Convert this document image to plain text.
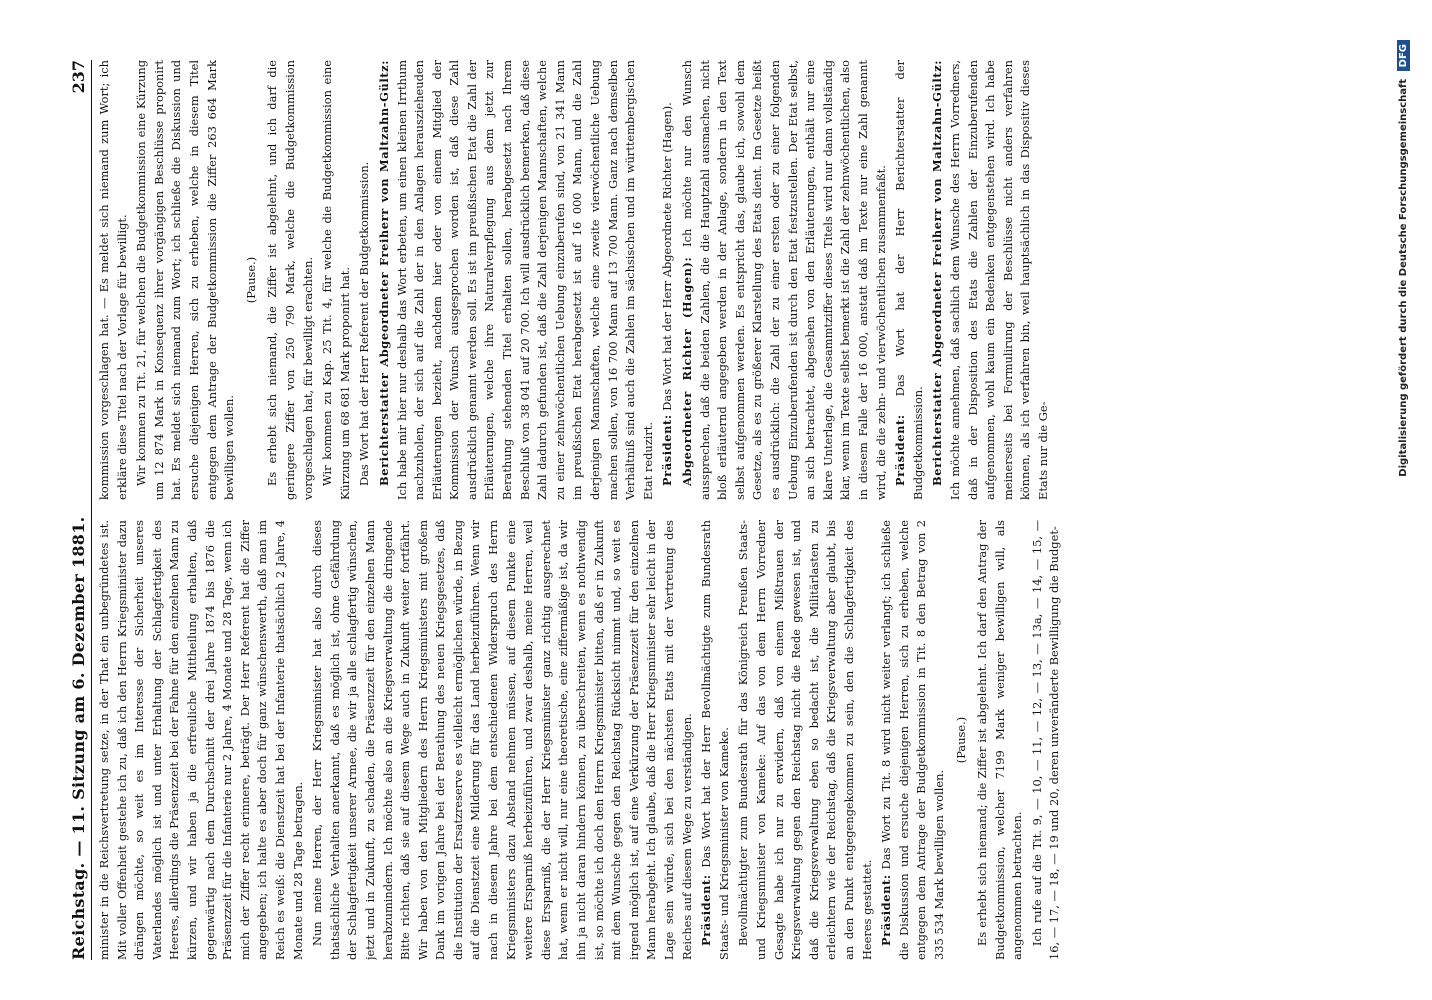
Reichstag. — 11. Sitzung am 6. Dezember 1881.
237

minister in die Reichsvertretung setze, in der That ein unbegründetes ist. Mit voller Offenheit gestehe ich zu, daß ich den Herrn Kriegsminister dazu drängen möchte, so weit es im Interesse der Sicherheit unseres Vaterlandes möglich ist und unter Erhaltung der Schlagfertigkeit des Heeres, allerdings die Präsenzzeit bei der Fahne für den einzelnen Mann zu kürzen, und wir haben ja die erfreuliche Mittheilung erhalten, daß gegenwärtig nach dem Durchschnitt der drei Jahre 1874 bis 1876 die Präsenzzeit für die Infanterie nur 2 Jahre, 4 Monate und 28 Tage, wenn ich mich der Ziffer recht erinnere, beträgt. Der Herr Referent hat die Ziffer angegeben; ich halte es aber doch für ganz wünschenswerth, daß man im Reich es weiß: die Dienstzeit hat bei der Infanterie thatsächlich 2 Jahre, 4 Monate und 28 Tage betragen. Nun meine Herren, der Herr Kriegsminister hat also durch dieses thatsächliche Verhalten anerkannt, daß es möglich ist, ohne Gefährdung der Schlagfertigkeit unserer Armee, die wir ja alle schlagfertig wünschen, jetzt und in Zukunft, zu schaden, die Präsenzzeit für den einzelnen Mann herabzumindern. Ich möchte also an die Kriegsverwaltung die dringende Bitte richten, daß sie auf diesem Wege auch in Zukunft weiter fortfährt. Wir haben von den Mitgliedern des Herrn Kriegsministers mit großem Dank im vorigen Jahre bei der Berathung des neuen Kriegsgesetzes, daß die Institution der Ersatzreserve es vielleicht ermöglichen würde, in Bezug auf die Dienstzeit eine Milderung für das Land herbeizuführen. Wenn wir nach in diesem Jahre bei dem entschiedenen Widerspruch des Herrn Kriegsministers dazu Abstand nehmen müssen, auf diesem Punkte eine weitere Ersparniß herbeizuführen, und zwar deshalb, meine Herren, weil diese Ersparniß, die der Herr Kriegsminister ganz richtig ausgerechnet hat, wenn er nicht will, nur eine theoretische, eine ziffermäßige ist, da wir ihn ja nicht daran hindern können, zu überschreiten, wenn es nothwendig ist, so möchte ich doch den Herrn Kriegsminister bitten, daß er in Zukunft mit dem Wunsche gegen den Reichstag Rücksicht nimmt und, so weit es irgend möglich ist, auf eine Verkürzung der Präsenzzeit für den einzelnen Mann herabgeht. Ich glaube, daß die Herr Kriegsminister sehr leicht in der Lage sein würde, sich bei den nächsten Etats mit der Vertretung des Reiches auf diesem Wege zu verständigen. Präsident: Das Wort hat der Herr Bevollmächtigte zum Bundesrath Staats- und Kriegsminister von Kameke. Bevollmächtigter zum Bundesrath für das Königreich Preußen Staats- und Kriegsminister von Kameke: Auf das von dem Herrn Vorredner Gesagte habe ich nur zu erwidern, daß von einem Mißtrauen der Kriegsverwaltung gegen den Reichstag nicht die Rede gewesen ist, und daß die Kriegsverwaltung eben so bedacht ist, die Militärlasten zu erleichtern wie der Reichstag, daß die Kriegsverwaltung aber glaubt, bis an den Punkt entgegengekommen zu sein, den die Schlagfertigkeit des Heeres gestattet. Präsident: Das Wort zu Tit. 8 wird nicht weiter verlangt; ich schließe die Diskussion und ersuche diejenigen Herren, sich zu erheben, welche entgegen dem Antrage der Budgetkommission in Tit. 8 den Betrag von 2 335 534 Mark bewilligen wollen.

(Pause.) Es erhebt sich niemand; die Ziffer ist abgelehnt. Ich darf den Antrag der Budgetkommission, welcher 7199 Mark weniger bewilligen will, als angenommen betrachten. Ich rufe auf die Tit. 9, — 10, — 11, — 12, — 13, — 13a, — 14, — 15, — 16, — 17, — 18, — 19 und 20, deren unveränderte Bewilligung die Budget-

kommission vorgeschlagen hat. — Es meldet sich niemand zum Wort; ich erkläre diese Titel nach der Vorlage für bewilligt. Wir kommen zu Tit. 21, für welchen die Budgetkommission eine Kürzung um 12 874 Mark in Konsequenz ihrer vorgängigen Beschlüsse proponirt hat. Es meldet sich niemand zum Wort; ich schließe die Diskussion und ersuche diejenigen Herren, sich zu erheben, welche in diesem Titel entgegen dem Antrage der Budgetkommission die Ziffer 263 664 Mark bewilligen wollen.

(Pause.) Es erhebt sich niemand, die Ziffer ist abgelehnt, und ich darf die geringere Ziffer von 250 790 Mark, welche die Budgetkommission vorgeschlagen hat, für bewilligt erachten. Wir kommen zu Kap. 25 Tit. 4, für welche die Budgetkommission eine Kürzung um 68 681 Mark proponirt hat. Das Wort hat der Herr Referent der Budgetkommission. Berichterstatter Abgeordneter Freiherr von Maltzahn-Gültz: Ich habe mir hier nur deshalb das Wort erbeten, um einen kleinen Irrthum nachzuholen, der sich auf die Zahl der in den Anlagen herauszieheuden Erläuterungen bezieht, nachdem hier oder von einem Mitglied der Kommission der Wunsch ausgesprochen worden ist, daß diese Zahl ausdrücklich genannt werden soll. Es ist im preußischen Etat die Zahl der Erläuterungen, welche ihre Naturalverpflegung aus dem jetzt zur Berathung stehenden Titel erhalten sollen, herabgesetzt nach Ihrem Beschluß von 38 041 auf 20 700. Ich will ausdrücklich bemerken, daß diese Zahl dadurch gefunden ist, daß die Zahl derjenigen Mannschaften, welche zu einer zehnwöchentlichen Uebung einzuberufen sind, von 21 341 Mann im preußischen Etat herabgesetzt ist auf 16 000 Mann, und die Zahl derjenigen Mannschaften, welche eine zweite vierwöchentliche Uebung machen sollen, von 16 700 Mann auf 13 700 Mann. Ganz nach demselben Verhältniß sind auch die Zahlen im sächsischen und im württembergischen Etat reduzirt. Präsident: Das Wort hat der Herr Abgeordnete Richter (Hagen). Abgeordneter Richter (Hagen): Ich möchte nur den Wunsch aussprechen, daß die beiden Zahlen, die die Hauptzahl ausmachen, nicht bloß erläuternd angegeben werden in der Anlage, sondern in den Text selbst aufgenommen werden. Es entspricht das, glaube ich, sowohl dem Gesetze, als es zu größerer Klarstellung des Etats dient. Im Gesetze heißt es ausdrücklich: die Zahl der zu einer ersten oder zu einer folgenden Uebung Einzuberufenden ist durch den Etat festzustellen. Der Etat selbst, an sich betrachtet, abgesehen von den Erläuterungen, enthält nur eine klare Unterlage, die Gesammtziffer dieses Titels wird nur dann vollständig klar, wenn im Texte selbst bemerkt ist die Zahl der zehnwöchentlichen, also in diesem Falle der 16 000, anstatt daß im Texte nur eine Zahl genannt wird, die die zehn- und vierwöchentlichen zusammenfaßt. Präsident: Das Wort hat der Herr Berichterstatter der Budgetkommission. Berichterstatter Abgeordneter Freiherr von Maltzahn-Gültz: Ich möchte annehmen, daß sachlich dem Wunsche des Herrn Vorredners, daß in der Disposition des Etats die Zahlen der Einzuberufenden aufgenommen, wohl kaum ein Bedenken entgegenstehen wird. Ich habe meinerseits bei Formulirung der Beschlüsse nicht anders verfahren können, als ich verfahren bin, weil hauptsächlich in das Dispositiv dieses Etats nur die Ge-	Digitalisierung gefördert durch die Deutsche Forschungsgemeinschaft DFG
